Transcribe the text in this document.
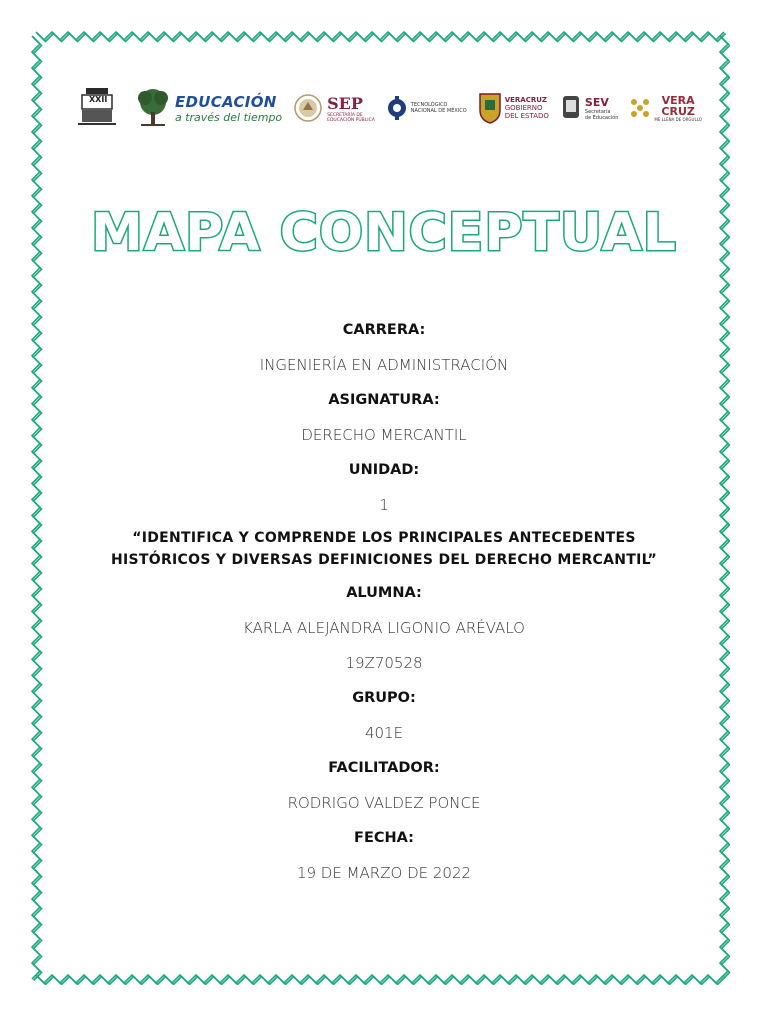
XXII	EDUCACIÓN
a través del tiempo
SEP
SECRETARÍA DE
EDUCACIÓN PÚBLICA
TECNOLÓGICO
NACIONAL DE MÉXICO
VERACRUZ
GOBIERNO
DEL ESTADO
SEV
Secretaría
de Educación
VERA
CRUZ
ME LLENA DE ORGULLO
MAPA CONCEPTUAL
CARRERA:
INGENIERÍA EN ADMINISTRACIÓN
ASIGNATURA:
DERECHO MERCANTIL
UNIDAD:
1
“IDENTIFICA Y COMPRENDE LOS PRINCIPALES ANTECEDENTES
HISTÓRICOS Y DIVERSAS DEFINICIONES DEL DERECHO MERCANTIL”
ALUMNA:
KARLA ALEJANDRA LIGONIO ARÉVALO
19Z70528
GRUPO:
401E
FACILITADOR:
RODRIGO VALDEZ PONCE
FECHA:
19 DE MARZO DE 2022
